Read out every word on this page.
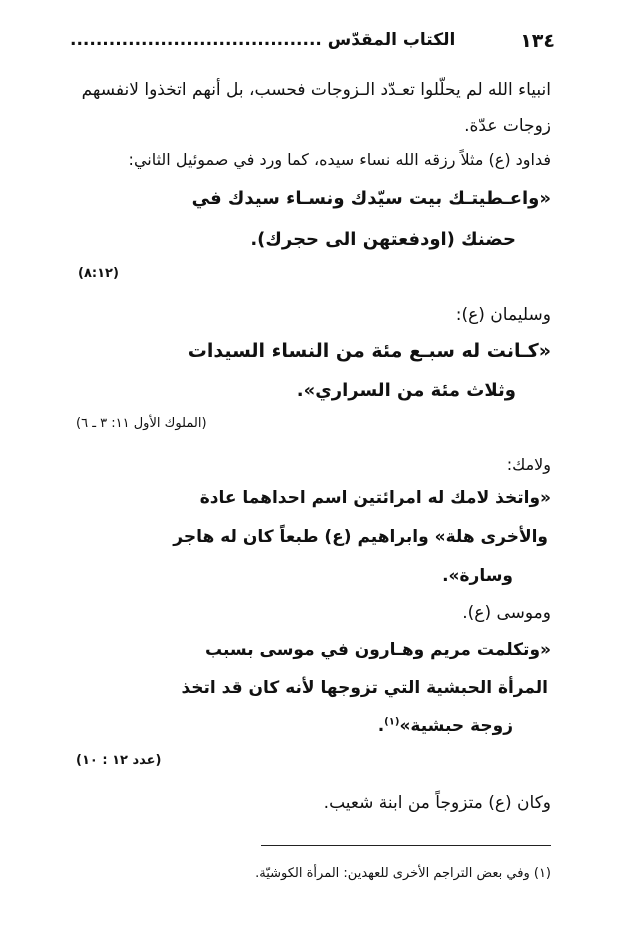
١٣٤
الكتاب المقدّس .......................................
انبياء الله لم يحلّلوا تعـدّد الـزوجات فحسب، بل أنهم اتخذوا لانفسهم
زوجات عدّة.
فداود (ع) مثلاً رزقه الله نساء سيده، كما ورد في صموئيل الثاني:
«واعـطيتـك بيت سيّدك ونسـاء سيدك في
حضنك (اودفعتهن الى حجرك).
(٨:١٢)
وسليمان (ع):
«كـانت له سبـع مئة من النساء السيدات
وثلاث مئة من السراري».
(الملوك الأول ١١: ٣ ـ ٦)
ولامك:
«واتخذ لامك له امرائتين اسم احداهما عادة
والأخرى هلة» وابراهيم (ع) طبعاً كان له هاجر
وسارة».
وموسى (ع).
«وتكلمت مريم وهـارون في موسى بسبب
المرأة الحبشية التي تزوجها لأنه كان قد اتخذ
زوجة حبشية»$^{(١)}$.
(عدد ١٢ : ١٠)
وكان (ع) متزوجاً من ابنة شعيب.
(١) وفي بعض التراجم الأخرى للعهدين: المرأة الكوشيّة.
